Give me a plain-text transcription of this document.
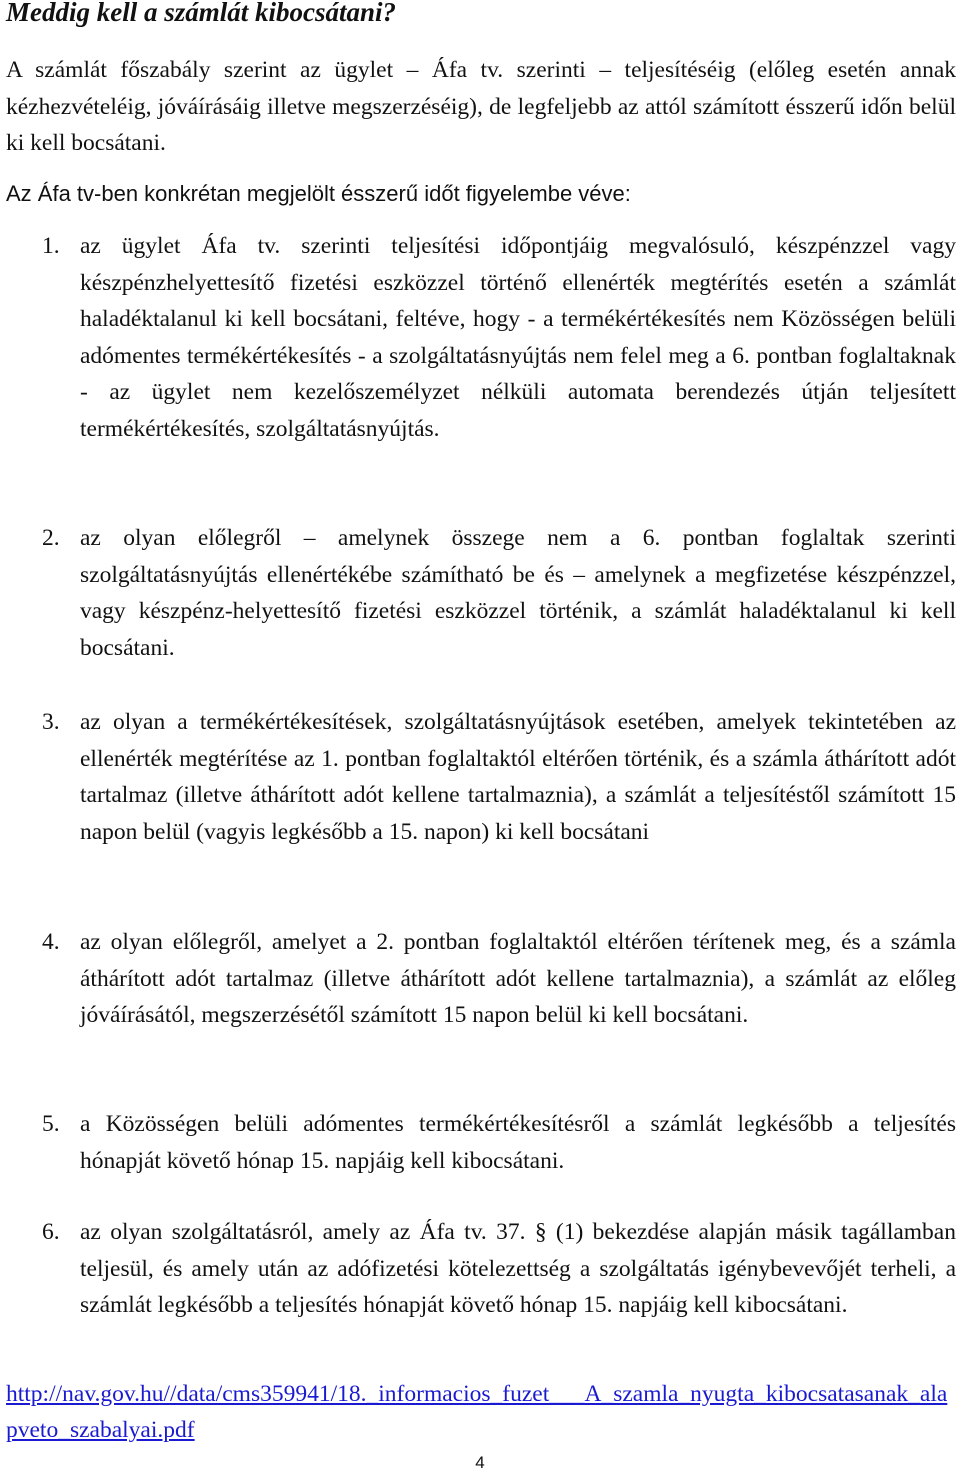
Meddig kell a számlát kibocsátani?

A számlát főszabály szerint az ügylet – Áfa tv. szerinti – teljesítéséig (előleg esetén annak kézhezvételéig, jóváírásáig illetve megszerzéséig), de legfeljebb az attól számított ésszerű időn belül ki kell bocsátani.

Az Áfa tv-ben konkrétan megjelölt ésszerű időt figyelembe véve:

1. az ügylet Áfa tv. szerinti teljesítési időpontjáig megvalósuló, készpénzzel vagy készpénzhelyettesítő fizetési eszközzel történő ellenérték megtérítés esetén a számlát haladéktalanul ki kell bocsátani, feltéve, hogy - a termékértékesítés nem Közösségen belüli adómentes termékértékesítés - a szolgáltatásnyújtás nem felel meg a 6. pontban foglaltaknak - az ügylet nem kezelőszemélyzet nélküli automata berendezés útján teljesített termékértékesítés, szolgáltatásnyújtás.

2. az olyan előlegről – amelynek összege nem a 6. pontban foglaltak szerinti szolgáltatásnyújtás ellenértékébe számítható be és – amelynek a megfizetése készpénzzel, vagy készpénz-helyettesítő fizetési eszközzel történik, a számlát haladéktalanul ki kell bocsátani.

3. az olyan a termékértékesítések, szolgáltatásnyújtások esetében, amelyek tekintetében az ellenérték megtérítése az 1. pontban foglaltaktól eltérően történik, és a számla áthárított adót tartalmaz (illetve áthárított adót kellene tartalmaznia), a számlát a teljesítéstől számított 15 napon belül (vagyis legkésőbb a 15. napon) ki kell bocsátani

4. az olyan előlegről, amelyet a 2. pontban foglaltaktól eltérően térítenek meg, és a számla áthárított adót tartalmaz (illetve áthárított adót kellene tartalmaznia), a számlát az előleg jóváírásától, megszerzésétől számított 15 napon belül ki kell bocsátani.

5. a Közösségen belüli adómentes termékértékesítésről a számlát legkésőbb a teljesítés hónapját követő hónap 15. napjáig kell kibocsátani.

6. az olyan szolgáltatásról, amely az Áfa tv. 37. § (1) bekezdése alapján másik tagállamban teljesül, és amely után az adófizetési kötelezettség a szolgáltatás igénybevevőjét terheli, a számlát legkésőbb a teljesítés hónapját követő hónap 15. napjáig kell kibocsátani.

http://nav.gov.hu//data/cms359941/18._informacios_fuzet___A_szamla_nyugta_kibocsatasanak_alapveto_szabalyai.pdf
4
